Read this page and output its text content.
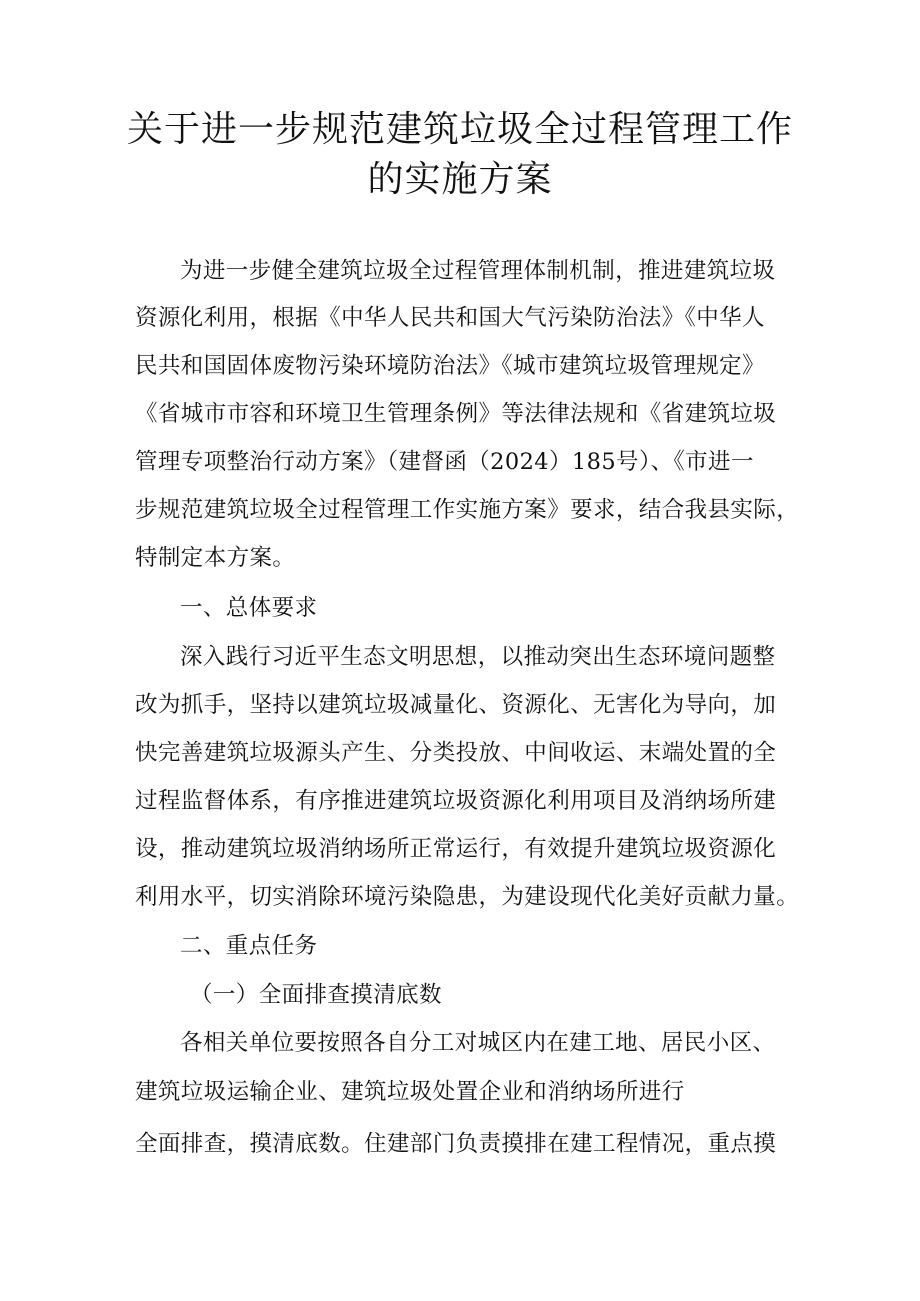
关于进一步规范建筑垃圾全过程管理工作
的实施方案
为进一步健全建筑垃圾全过程管理体制机制，推进建筑垃圾
资源化利用，根据《中华人民共和国大气污染防治法》《中华人
民共和国固体废物污染环境防治法》《城市建筑垃圾管理规定》
《省城市市容和环境卫生管理条例》等法律法规和《省建筑垃圾
管理专项整治行动方案》（建督函（2024）185号）、《市进一
步规范建筑垃圾全过程管理工作实施方案》要求，结合我县实际，
特制定本方案。
一、总体要求
深入践行习近平生态文明思想，以推动突出生态环境问题整
改为抓手，坚持以建筑垃圾减量化、资源化、无害化为导向，加
快完善建筑垃圾源头产生、分类投放、中间收运、末端处置的全
过程监督体系，有序推进建筑垃圾资源化利用项目及消纳场所建
设，推动建筑垃圾消纳场所正常运行，有效提升建筑垃圾资源化
利用水平，切实消除环境污染隐患，为建设现代化美好贡献力量。
二、重点任务
（一）全面排查摸清底数
各相关单位要按照各自分工对城区内在建工地、居民小区、
建筑垃圾运输企业、建筑垃圾处置企业和消纳场所进行
全面排查，摸清底数。住建部门负责摸排在建工程情况，重点摸
